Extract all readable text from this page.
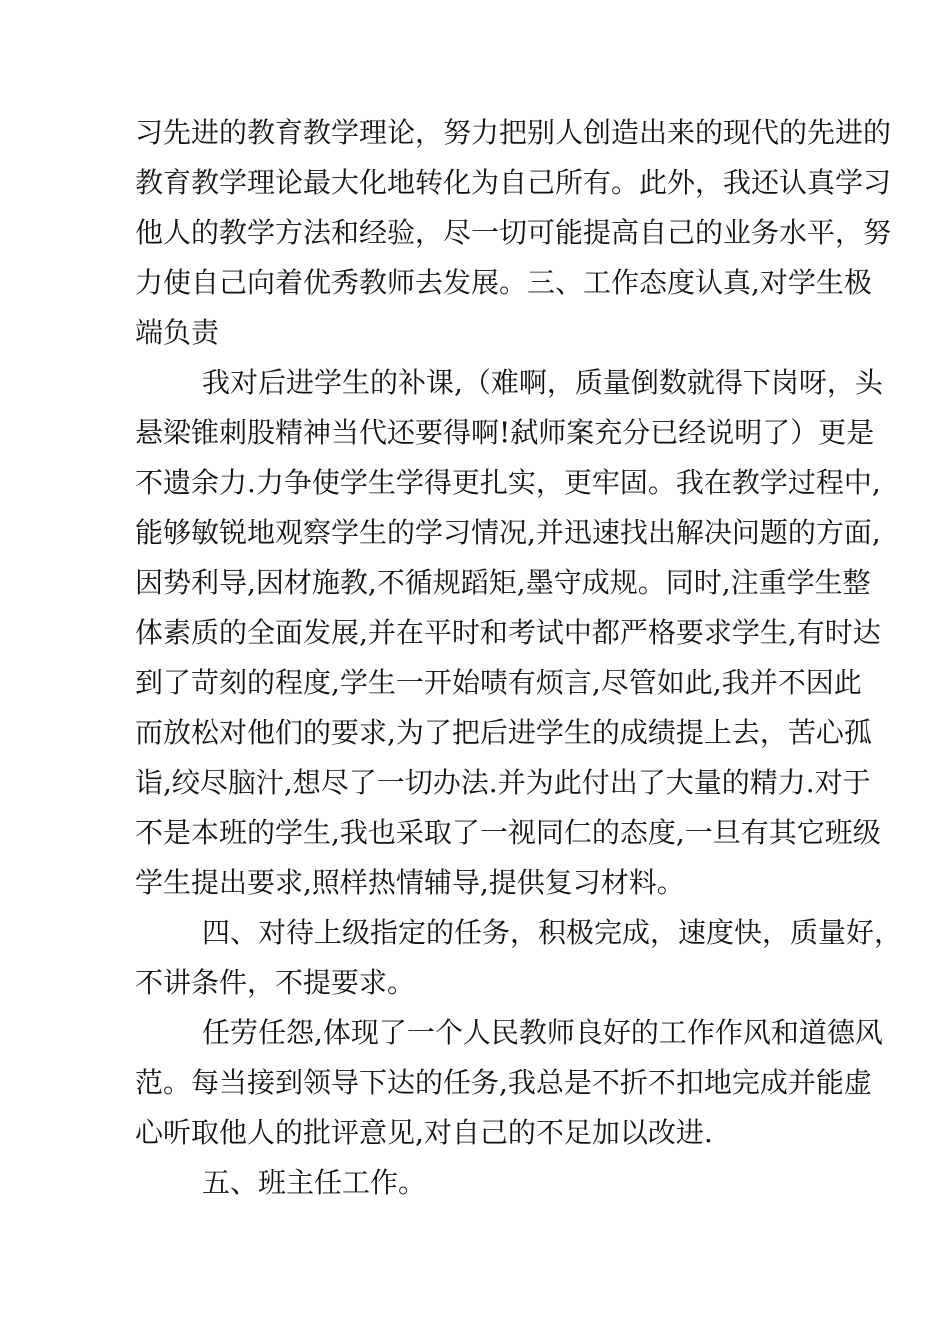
习先进的教育教学理论，努力把别人创造出来的现代的先进的
教育教学理论最大化地转化为自己所有。此外，我还认真学习
他人的教学方法和经验，尽一切可能提高自己的业务水平，努
力使自己向着优秀教师去发展。三、工作态度认真,对学生极
端负责
我对后进学生的补课,（难啊，质量倒数就得下岗呀，头
悬梁锥刺股精神当代还要得啊!弑师案充分已经说明了）更是
不遗余力.力争使学生学得更扎实，更牢固。我在教学过程中,
能够敏锐地观察学生的学习情况,并迅速找出解决问题的方面,
因势利导,因材施教,不循规蹈矩,墨守成规。同时,注重学生整
体素质的全面发展,并在平时和考试中都严格要求学生,有时达
到了苛刻的程度,学生一开始啧有烦言,尽管如此,我并不因此
而放松对他们的要求,为了把后进学生的成绩提上去，苦心孤
诣,绞尽脑汁,想尽了一切办法.并为此付出了大量的精力.对于
不是本班的学生,我也采取了一视同仁的态度,一旦有其它班级
学生提出要求,照样热情辅导,提供复习材料。
四、对待上级指定的任务，积极完成，速度快，质量好，
不讲条件，不提要求。
任劳任怨,体现了一个人民教师良好的工作作风和道德风
范。每当接到领导下达的任务,我总是不折不扣地完成并能虚
心听取他人的批评意见,对自己的不足加以改进.
五、班主任工作。
